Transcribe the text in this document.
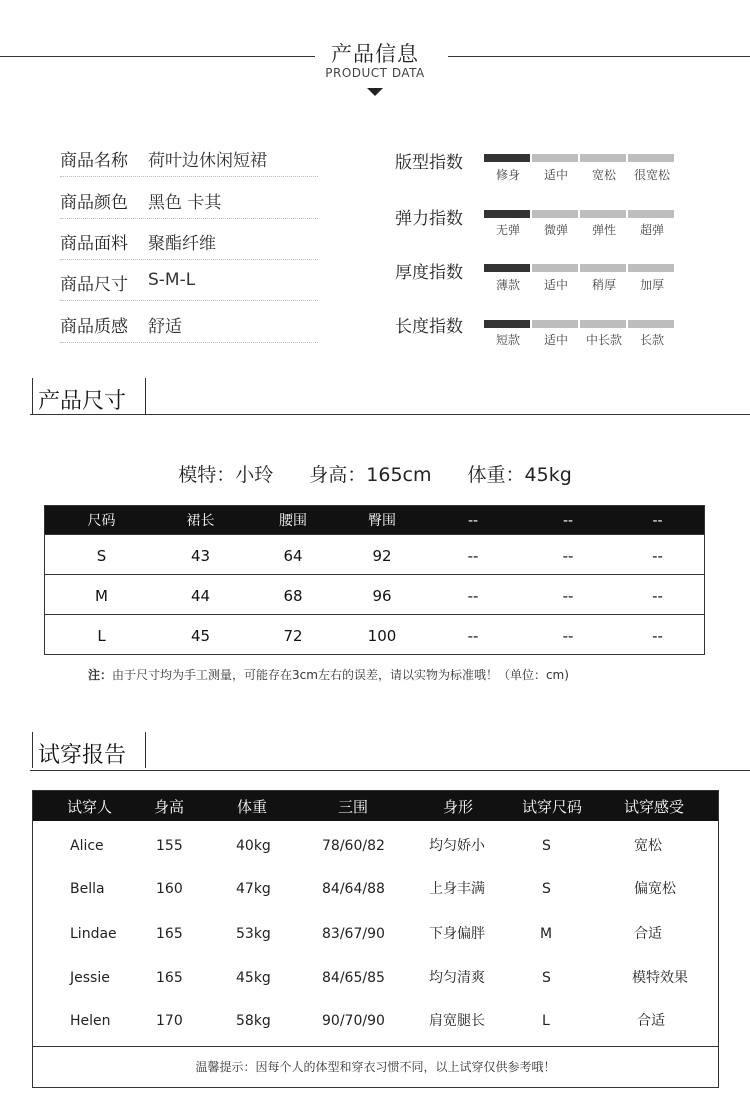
产品信息
PRODUCT DATA
商品名称 荷叶边休闲短裙
商品颜色 黑色 卡其
商品面料 聚酯纤维
商品尺寸 S-M-L
商品质感 舒适
版型指数
修身	适中	宽松	很宽松
弹力指数
无弹	微弹	弹性	超弹
厚度指数
薄款	适中	稍厚	加厚
长度指数
短款	适中	中长款	长款
产品尺寸
模特：小玲 身高：165cm 体重：45kg
尺码	裙长	腰围	臀围	--	--	--
S	43	64	92	--	--	--
M	44	68	96	--	--	--
L	45	72	100	--	--	--
注：由于尺寸均为手工测量，可能存在3cm左右的误差，请以实物为标准哦！（单位：cm)
试穿报告
试穿人	身高	体重	三围	身形	试穿尺码	试穿感受
Alice	155	40kg	78/60/82	均匀娇小	S	宽松
Bella	160	47kg	84/64/88	上身丰满	S	偏宽松
Lindae	165	53kg	83/67/90	下身偏胖	M	合适
Jessie	165	45kg	84/65/85	均匀清爽	S	模特效果
Helen	170	58kg	90/70/90	肩宽腿长	L	合适
温馨提示：因每个人的体型和穿衣习惯不同，以上试穿仅供参考哦！
